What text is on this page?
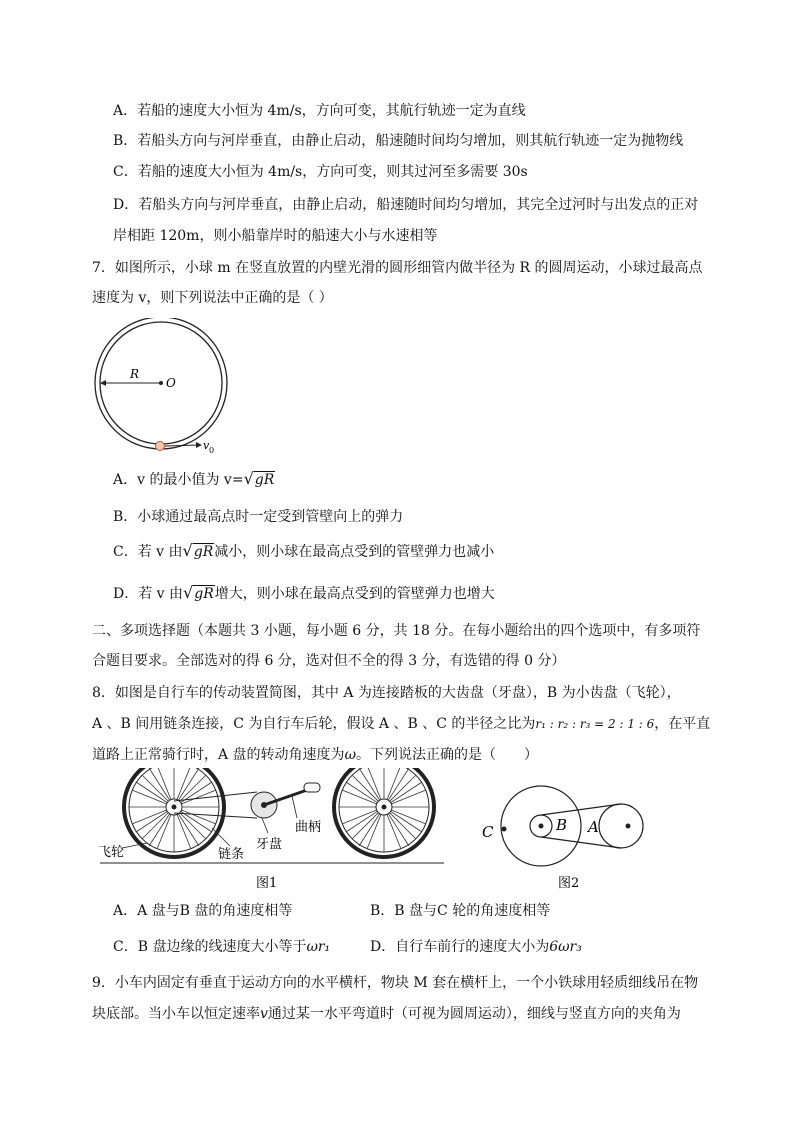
A．若船的速度大小恒为 4m/s，方向可变，其航行轨迹一定为直线
B．若船头方向与河岸垂直，由静止启动，船速随时间均匀增加，则其航行轨迹一定为抛物线
C．若船的速度大小恒为 4m/s，方向可变，则其过河至多需要 30s
D．若船头方向与河岸垂直，由静止启动，船速随时间均匀增加，其完全过河时与出发点的正对
岸相距 120m，则小船靠岸时的船速大小与水速相等
7．如图所示，小球 m 在竖直放置的内壁光滑的圆形细管内做半径为 R 的圆周运动，小球过最高点
速度为 v，则下列说法中正确的是（ ）
R
O
v 0
A．v 的最小值为 v=√gR
B．小球通过最高点时一定受到管壁向上的弹力
C．若 v 由√gR减小，则小球在最高点受到的管壁弹力也减小
D．若 v 由√gR增大，则小球在最高点受到的管壁弹力也增大
二、多项选择题（本题共 3 小题，每小题 6 分，共 18 分。在每小题给出的四个选项中，有多项符
合题目要求。全部选对的得 6 分，选对但不全的得 3 分，有选错的得 0 分）
8．如图是自行车的传动装置简图，其中 A 为连接踏板的大齿盘（牙盘），B 为小齿盘（飞轮），
A 、B 间用链条连接，C 为自行车后轮，假设 A 、B 、C 的半径之比为r₁ : r₂ : r₃ = 2 : 1 : 6，在平直
道路上正常骑行时，A 盘的转动角速度为ω。下列说法正确的是（　　）
飞轮	链条
牙盘
曲柄
图1
C	B A
图2
A．A 盘与B 盘的角速度相等	B．B 盘与C 轮的角速度相等
C．B 盘边缘的线速度大小等于ωr₁	D．自行车前行的速度大小为6ωr₃
9．小车内固定有垂直于运动方向的水平横杆，物块 M 套在横杆上，一个小铁球用轻质细线吊在物
块底部。当小车以恒定速率v通过某一水平弯道时（可视为圆周运动），细线与竖直方向的夹角为
